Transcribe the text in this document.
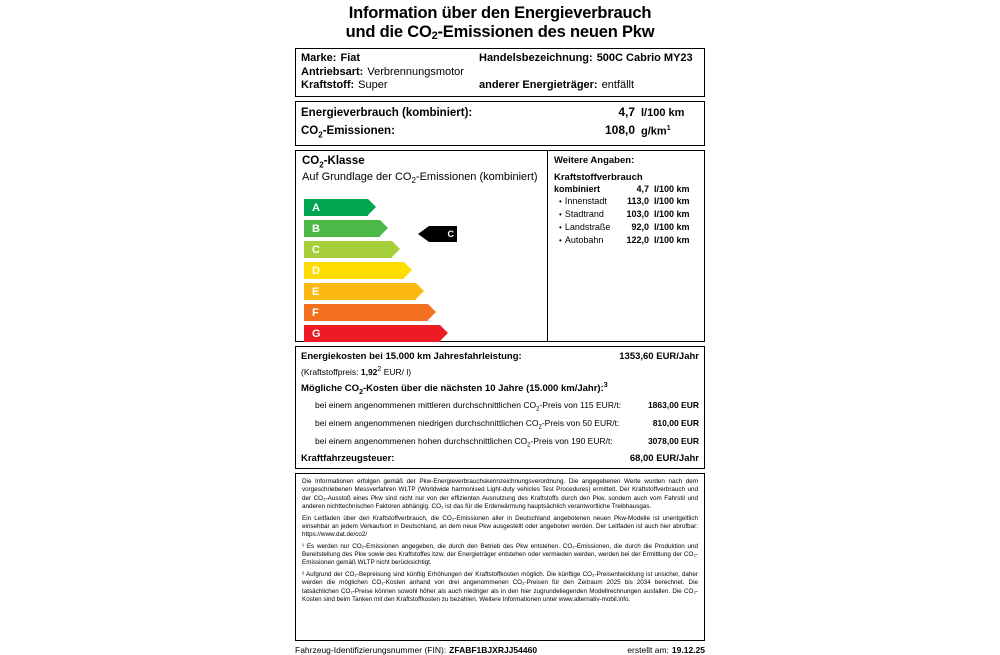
Information über den Energieverbrauch
und die CO2-Emissionen des neuen Pkw
Marke: Fiat	Handelsbezeichnung: 500C Cabrio MY23
Antriebsart: Verbrennungsmotor
Kraftstoff: Super	anderer Energieträger: entfällt
Energieverbrauch (kombiniert):	4,7 l/100 km
$CO_2$-Emissionen:	108,0 $g/km^1$
$CO_2$-Klasse
Auf Grundlage der $CO_2$-Emissionen (kombiniert)
A
B
C
D
E
F
G
C
Weitere Angaben:
Kraftstoffverbrauch
kombiniert	4,7 l/100 km
• Innenstadt	113,0 l/100 km
• Stadtrand	103,0 l/100 km
• Landstraße	92,0 l/100 km
• Autobahn	122,0 l/100 km
Energiekosten bei 15.000 km Jahresfahrleistung:	1353,60 EUR/Jahr
(Kraftstoffpreis: 1,92$^2$ EUR/ l)
Mögliche $CO_2$-Kosten über die nächsten 10 Jahre (15.000 km/Jahr):$^3$
bei einem angenommenen mittleren durchschnittlichen $CO_2$-Preis von 115 EUR/t:	1863,00 EUR
bei einem angenommenen niedrigen durchschnittlichen $CO_2$-Preis von 50 EUR/t:	810,00 EUR
bei einem angenommenen hohen durchschnittlichen $CO_2$-Preis von 190 EUR/t:	3078,00 EUR
Kraftfahrzeugsteuer:	68,00 EUR/Jahr

Die Informationen erfolgen gemäß der Pkw-Energieverbrauchskennzeichnungsverordnung. Die angegebenen Werte wurden nach dem vorgeschriebenen Messverfahren WLTP (Worldwide harmonised Light-duty vehicles Test Procedures) ermittelt. Der Kraftstoffverbrauch und der CO₂-Ausstoß eines Pkw sind nicht nur von der effizienten Ausnutzung des Kraftstoffs durch den Pkw, sondern auch vom Fahrstil und anderen nichttechnischen Faktoren abhängig. CO₂ ist das für die Erderwärmung hauptsächlich verantwortliche Treibhausgas.

Ein Leitfaden über den Kraftstoffverbrauch, die CO₂-Emissionen aller in Deutschland angebotenen neuen Pkw-Modelle ist unentgeltlich einsehbar an jedem Verkaufsort in Deutschland, an dem neue Pkw ausgestellt oder angeboten werden. Der Leitfaden ist auch hier abrufbar: https://www.dat.de/co2/

¹ Es werden nur CO₂-Emissionen angegeben, die durch den Betrieb des Pkw entstehen. CO₂-Emissionen, die durch die Produktion und Bereitstellung des Pkw sowie des Kraftstoffes bzw. der Energieträger entstehen oder vermieden werden, werden bei der Ermittlung der CO₂-Emissionen gemäß WLTP nicht berücksichtigt.

² Aufgrund der CO₂-Bepreisung sind künftig Erhöhungen der Kraftstoffkosten möglich. Die künftige CO₂-Preisentwicklung ist unsicher, daher werden die möglichen CO₂-Kosten anhand von drei angenommenen CO₂-Preisen für den Zeitraum 2025 bis 2034 berechnet. Die tatsächlichen CO₂-Preise können sowohl höher als auch niedriger als in den hier zugrundeliegenden Modellrechnungen ausfallen. Die CO₂-Kosten sind beim Tanken mit den Kraftstoffkosten zu bezahlen. Weitere Informationen unter www.alternativ-mobil.info.

Fahrzeug-Identifizierungsnummer (FIN): ZFABF1BJXRJJ54460	erstellt am: 19.12.25
